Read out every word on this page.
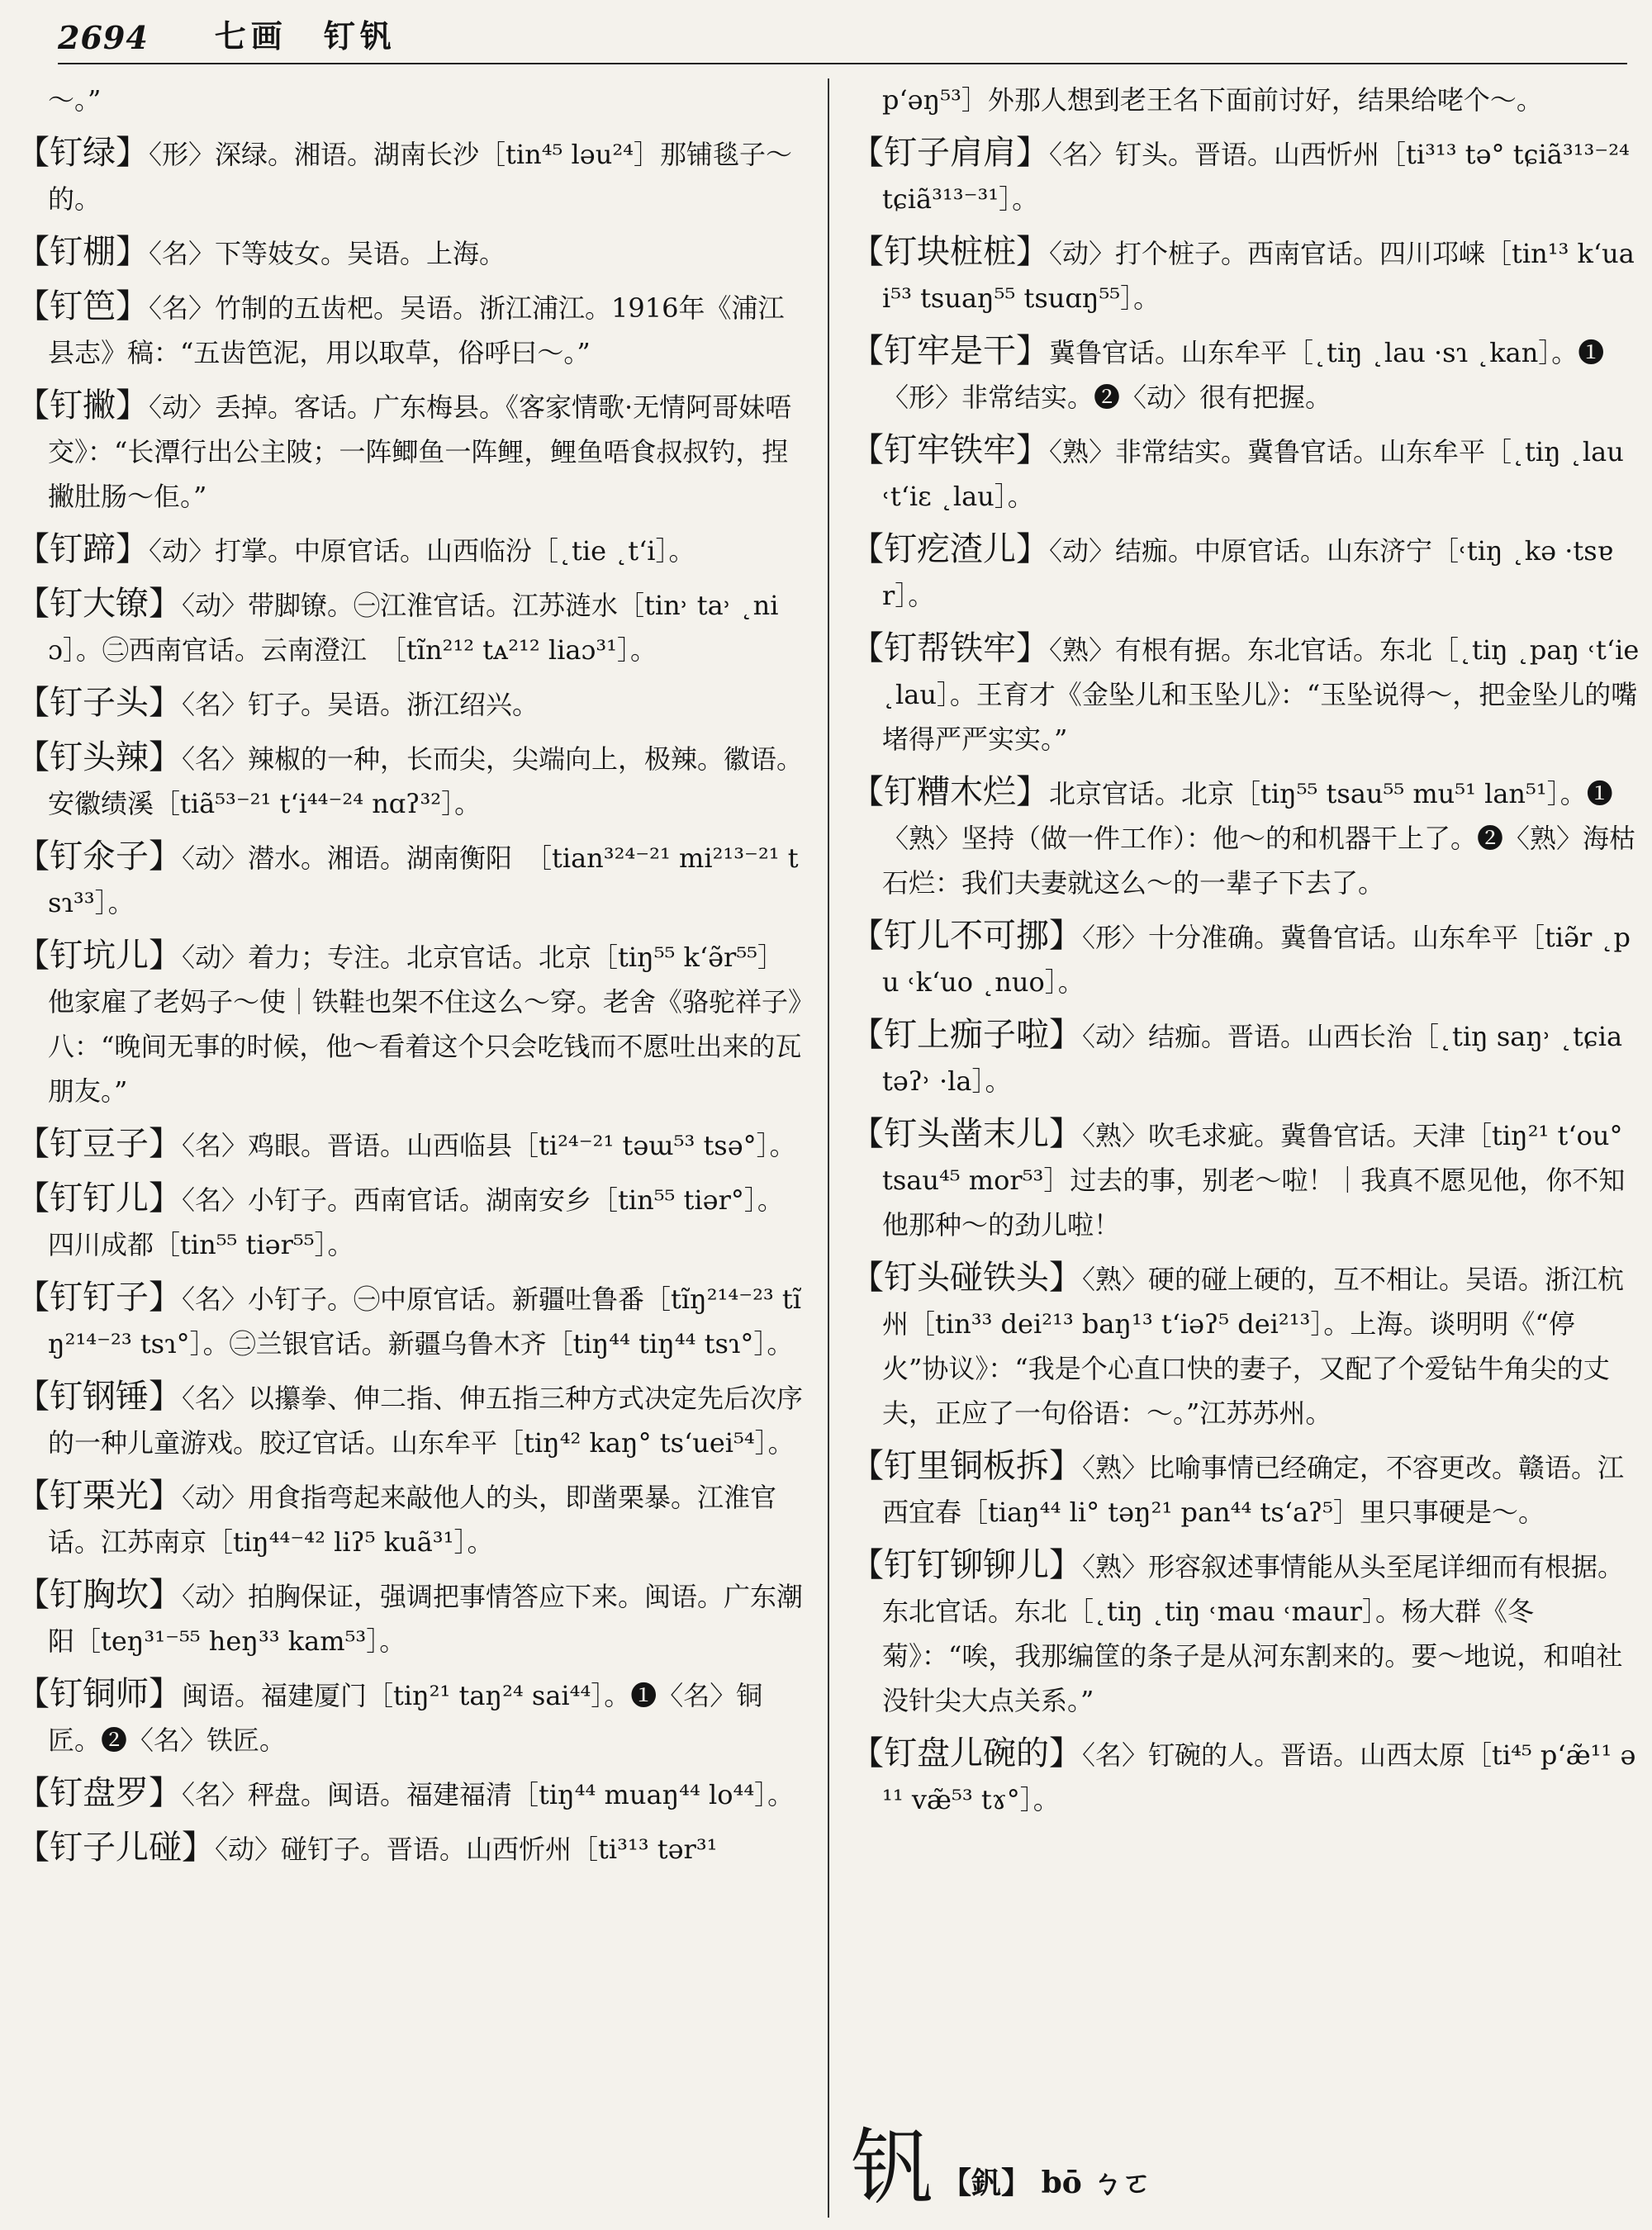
2694 七画　钉钒
～。”
【钉绿】〈形〉深绿。湘语。湖南长沙［tin⁴⁵ ləu²⁴］那铺毯子～的。
【钉棚】〈名〉下等妓女。吴语。上海。
【钉笆】〈名〉竹制的五齿杷。吴语。浙江浦江。1916年《浦江县志》稿：“五齿笆泥，用以取草，俗呼曰～。”
【钉撇】〈动〉丢掉。客话。广东梅县。《客家情歌·无情阿哥妹唔交》：“长潭行出公主陂；一阵鲫鱼一阵鲤，鲤鱼唔食叔叔钓，捏撇肚肠～佢。”
【钉蹄】〈动〉打掌。中原官话。山西临汾［˛tie ˛t‘i］。
【钉大镣】〈动〉带脚镣。㊀江淮官话。江苏涟水［tin˒ ta˒ ˛niɔ］。㊁西南官话。云南澄江　［tĩn²¹² tᴀ²¹² liaɔ³¹］。
【钉子头】〈名〉钉子。吴语。浙江绍兴。
【钉头辣】〈名〉辣椒的一种，长而尖，尖端向上，极辣。徽语。安徽绩溪［tiã⁵³⁻²¹ t‘i⁴⁴⁻²⁴ nɑʔ³²］。
【钉氽子】〈动〉潜水。湘语。湖南衡阳　［tian³²⁴⁻²¹ mi²¹³⁻²¹ tsɿ³³］。
【钉坑儿】〈动〉着力；专注。北京官话。北京［tiŋ⁵⁵ k‘ə̃r⁵⁵］他家雇了老妈子～使｜铁鞋也架不住这么～穿。老舍《骆驼祥子》八：“晚间无事的时候，他～看着这个只会吃钱而不愿吐出来的瓦朋友。”
【钉豆子】〈名〉鸡眼。晋语。山西临县［ti²⁴⁻²¹ təɯ⁵³ tsə°］。
【钉钉儿】〈名〉小钉子。西南官话。湖南安乡［tin⁵⁵ tiər°］。四川成都［tin⁵⁵ tiər⁵⁵］。
【钉钉子】〈名〉小钉子。㊀中原官话。新疆吐鲁番［tĩŋ²¹⁴⁻²³ tĩŋ²¹⁴⁻²³ tsɿ°］。㊁兰银官话。新疆乌鲁木齐［tiŋ⁴⁴ tiŋ⁴⁴ tsɿ°］。
【钉钢锤】〈名〉以攥拳、伸二指、伸五指三种方式决定先后次序的一种儿童游戏。胶辽官话。山东牟平［tiŋ⁴² kaŋ° ts‘uei⁵⁴］。
【钉栗光】〈动〉用食指弯起来敲他人的头，即凿栗暴。江淮官话。江苏南京［tiŋ⁴⁴⁻⁴² liʔ⁵ kuã³¹］。
【钉胸坎】〈动〉拍胸保证，强调把事情答应下来。闽语。广东潮阳［teŋ³¹⁻⁵⁵ heŋ³³ kam⁵³］。
【钉铜师】闽语。福建厦门［tiŋ²¹ taŋ²⁴ sai⁴⁴］。❶〈名〉铜匠。❷〈名〉铁匠。
【钉盘罗】〈名〉秤盘。闽语。福建福清［tiŋ⁴⁴ muaŋ⁴⁴ lo⁴⁴］。
【钉子儿碰】〈动〉碰钉子。晋语。山西忻州［ti³¹³ tər³¹
p‘əŋ⁵³］外那人想到老王名下面前讨好，结果给咾个～。
【钉子肩肩】〈名〉钉头。晋语。山西忻州［ti³¹³ tə° tɕiã³¹³⁻²⁴ tɕiã³¹³⁻³¹］。
【钉块桩桩】〈动〉打个桩子。西南官话。四川邛崃［tin¹³ k‘uai⁵³ tsuaŋ⁵⁵ tsuɑŋ⁵⁵］。
【钉牢是干】冀鲁官话。山东牟平［˛tiŋ ˛lau ·sɿ ˛kan］。❶〈形〉非常结实。❷〈动〉很有把握。
【钉牢铁牢】〈熟〉非常结实。冀鲁官话。山东牟平［˛tiŋ ˛lau ˓t‘iɛ ˛lau］。
【钉疙渣儿】〈动〉结痂。中原官话。山东济宁［˓tiŋ ˛kə ·tsɐr］。
【钉帮铁牢】〈熟〉有根有据。东北官话。东北［˛tiŋ ˛paŋ ˓t‘ie ˛lau］。王育才《金坠儿和玉坠儿》：“玉坠说得～，把金坠儿的嘴堵得严严实实。”
【钉糟木烂】北京官话。北京［tiŋ⁵⁵ tsau⁵⁵ mu⁵¹ lan⁵¹］。❶〈熟〉坚持（做一件工作）：他～的和机器干上了。❷〈熟〉海枯石烂：我们夫妻就这么～的一辈子下去了。
【钉儿不可挪】〈形〉十分准确。冀鲁官话。山东牟平［tiə̃r ˛pu ˓k‘uo ˛nuo］。
【钉上痂子啦】〈动〉结痂。晋语。山西长治［˛tiŋ saŋ˒ ˛tɕia təʔ˒ ·la］。
【钉头凿末儿】〈熟〉吹毛求疵。冀鲁官话。天津［tiŋ²¹ t‘ou° tsau⁴⁵ mor⁵³］过去的事，别老～啦！｜我真不愿见他，你不知他那种～的劲儿啦！
【钉头碰铁头】〈熟〉硬的碰上硬的，互不相让。吴语。浙江杭州［tin³³ dei²¹³ baŋ¹³ t‘iəʔ⁵ dei²¹³］。上海。谈明明《“停火”协议》：“我是个心直口快的妻子，又配了个爱钻牛角尖的丈夫，正应了一句俗语：～。”江苏苏州。
【钉里铜板拆】〈熟〉比喻事情已经确定，不容更改。赣语。江西宜春［tiaŋ⁴⁴ li° təŋ²¹ pan⁴⁴ ts‘aʔ⁵］里只事硬是～。
【钉钉铆铆儿】〈熟〉形容叙述事情能从头至尾详细而有根据。东北官话。东北［˛tiŋ ˛tiŋ ˓mau ˓maur］。杨大群《冬菊》：“唉，我那编筐的条子是从河东割来的。要～地说，和咱社没针尖大点关系。”
【钉盘儿碗的】〈名〉钉碗的人。晋语。山西太原［ti⁴⁵ p‘æ̃¹¹ ə¹¹ væ̃⁵³ tɤ°］。
钒 【釩】 bō ㄅㄛ
